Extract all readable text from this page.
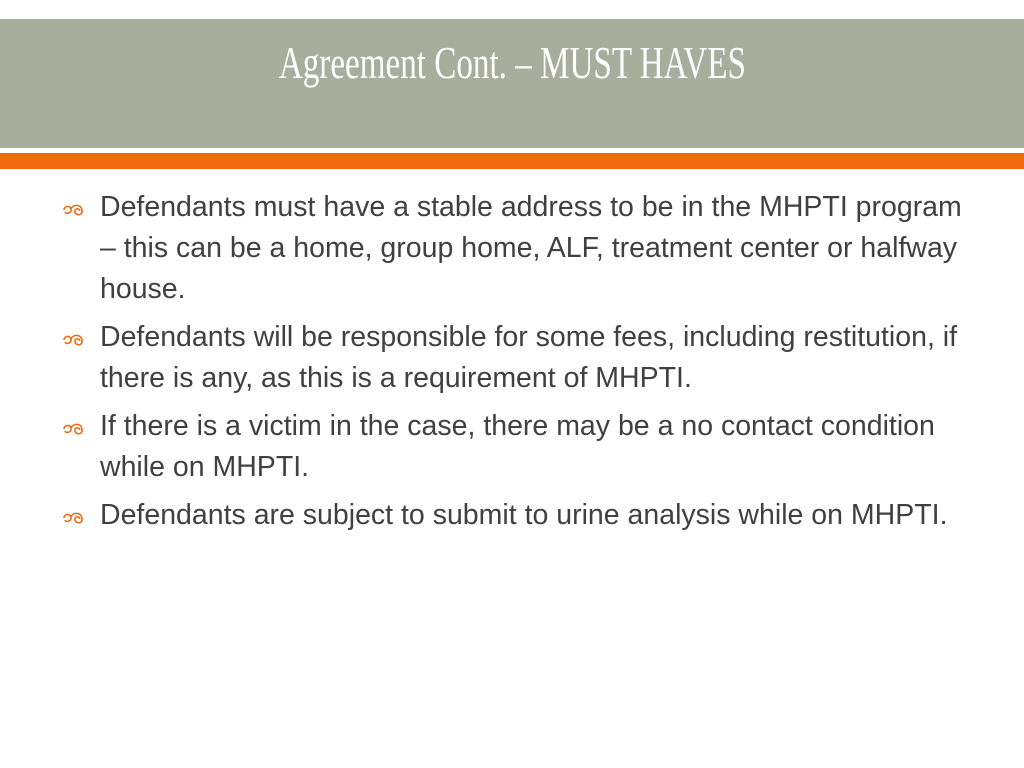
Agreement Cont. – MUST HAVES
Defendants must have a stable address to be in the MHPTI program – this can be a home, group home, ALF, treatment center or halfway house.
Defendants will be responsible for some fees, including restitution, if there is any, as this is a requirement of MHPTI.
If there is a victim in the case, there may be a no contact condition while on MHPTI.
Defendants are subject to submit to urine analysis while on MHPTI.
